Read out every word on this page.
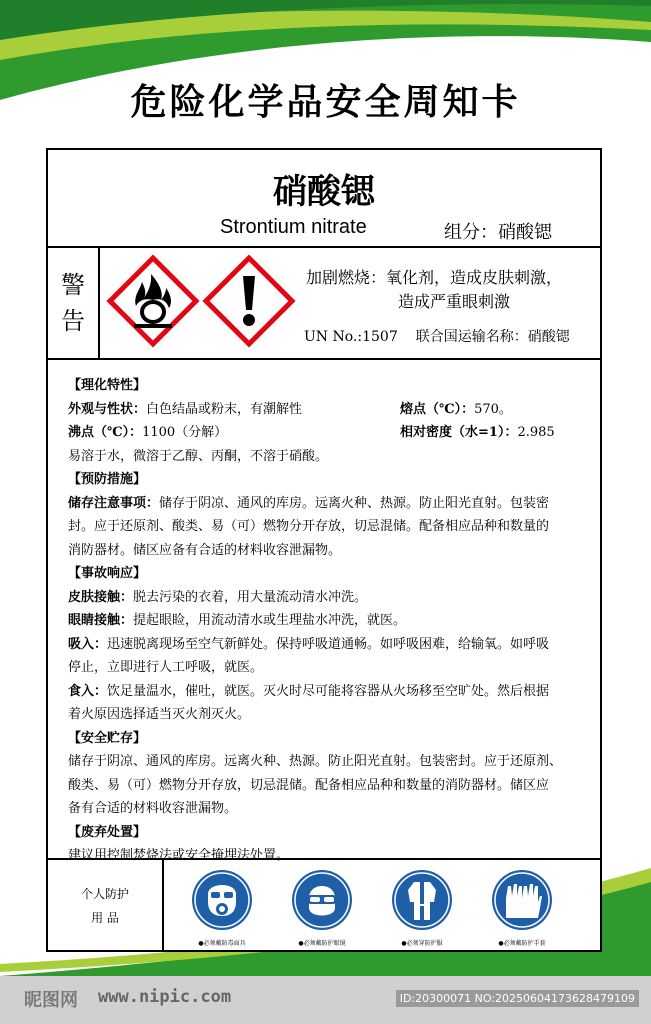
危险化学品安全周知卡
硝酸锶
Strontium nitrate	组分：硝酸锶
警
告
加剧燃烧：氧化剂，造成皮肤刺激，
造成严重眼刺激
UN No.:1507 联合国运输名称：硝酸锶
【理化特性】
外观与性状：白色结晶或粉末，有潮解性	熔点（℃）：570。
沸点（℃）：1100（分解）	相对密度（水=1）：2.985
易溶于水，微溶于乙醇、丙酮，不溶于硝酸。
【预防措施】
储存注意事项：储存于阴凉、通风的库房。远离火种、热源。防止阳光直射。包装密
封。应于还原剂、酸类、易（可）燃物分开存放，切忌混储。配备相应品种和数量的
消防器材。储区应备有合适的材料收容泄漏物。
【事故响应】
皮肤接触：脱去污染的衣着，用大量流动清水冲洗。
眼睛接触：提起眼睑，用流动清水或生理盐水冲洗，就医。
吸入：迅速脱离现场至空气新鲜处。保持呼吸道通畅。如呼吸困难，给输氧。如呼吸
停止，立即进行人工呼吸，就医。
食入：饮足量温水，催吐，就医。灭火时尽可能将容器从火场移至空旷处。然后根据
着火原因选择适当灭火剂灭火。
【安全贮存】
储存于阴凉、通风的库房。远离火种、热源。防止阳光直射。包装密封。应于还原剂、
酸类、易（可）燃物分开存放，切忌混储。配备相应品种和数量的消防器材。储区应
备有合适的材料收容泄漏物。
【废弃处置】
建议用控制焚烧法或安全掩埋法处置。
个人防护
用 品
●必须戴防毒面具	●必须戴防护眼镜	●必须穿防护服	●必须戴防护手套
昵图网 www.nipic.com	ID:20300071 NO:20250604173628479109
